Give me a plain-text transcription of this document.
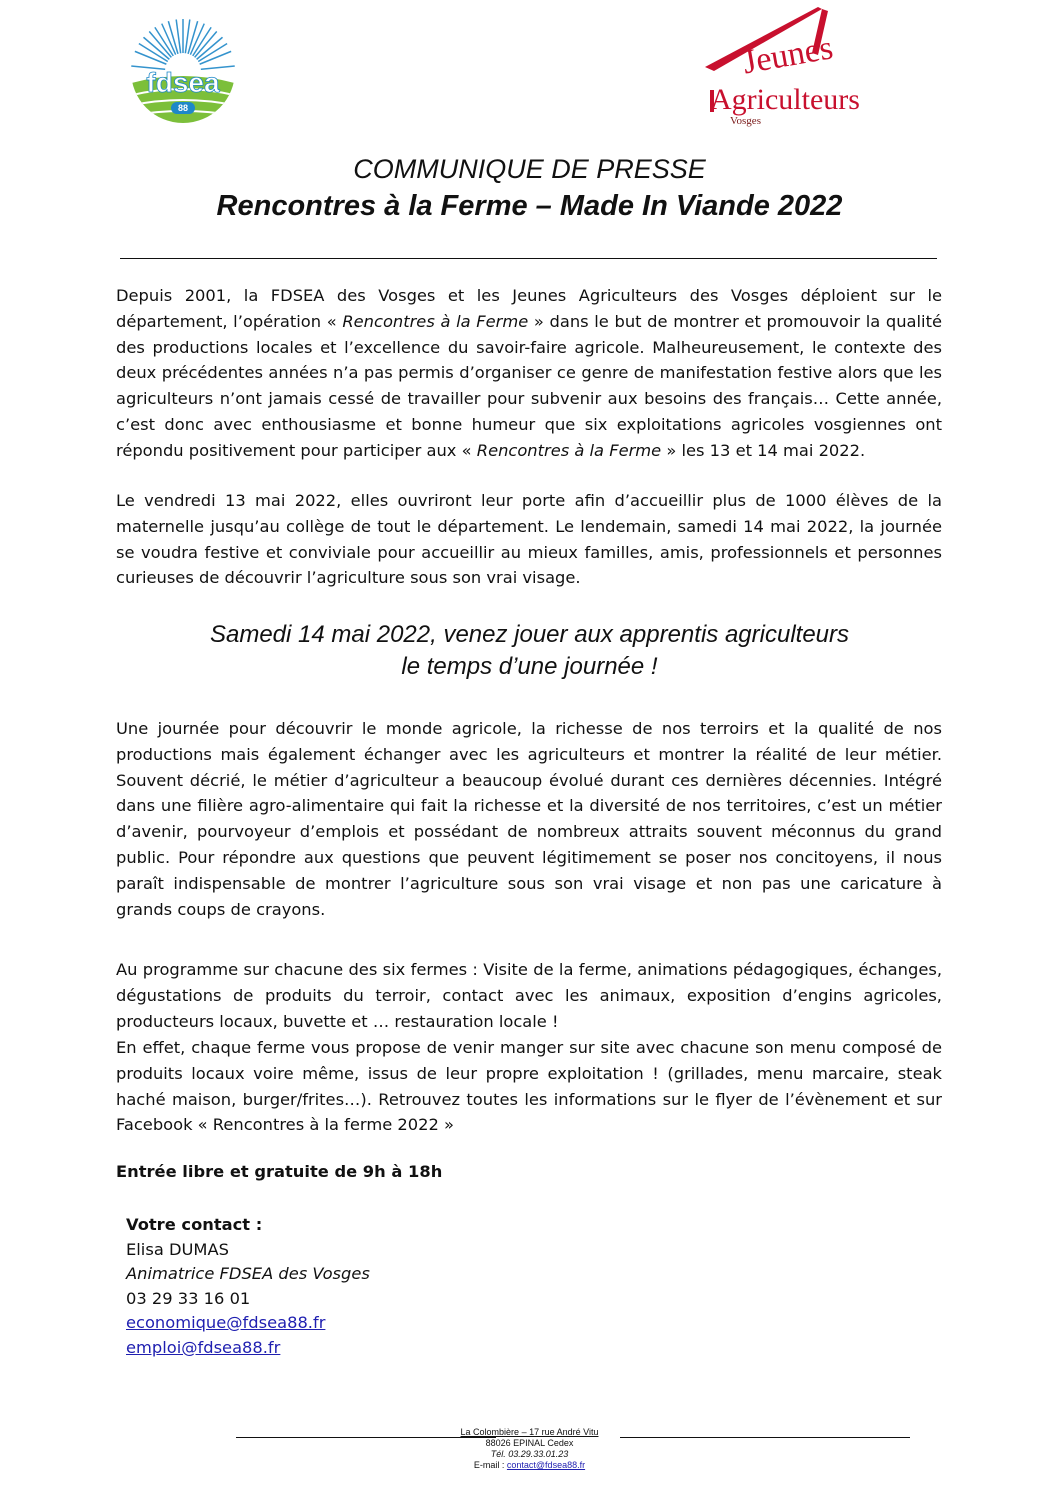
fdsea
88
Jeunes
Agriculteurs
Vosges
COMMUNIQUE DE PRESSE
Rencontres à la Ferme – Made In Viande 2022

Depuis 2001, la FDSEA des Vosges et les Jeunes Agriculteurs des Vosges déploient sur le département, l’opération « Rencontres à la Ferme » dans le but de montrer et promouvoir la qualité des productions locales et l’excellence du savoir-faire agricole. Malheureusement, le contexte des deux précédentes années n’a pas permis d’organiser ce genre de manifestation festive alors que les agriculteurs n’ont jamais cessé de travailler pour subvenir aux besoins des français… Cette année, c’est donc avec enthousiasme et bonne humeur que six exploitations agricoles vosgiennes ont répondu positivement pour participer aux « Rencontres à la Ferme » les 13 et 14 mai 2022.

Le vendredi 13 mai 2022, elles ouvriront leur porte afin d’accueillir plus de 1000 élèves de la maternelle jusqu’au collège de tout le département. Le lendemain, samedi 14 mai 2022, la journée se voudra festive et conviviale pour accueillir au mieux familles, amis, professionnels et personnes curieuses de découvrir l’agriculture sous son vrai visage.

Samedi 14 mai 2022, venez jouer aux apprentis agriculteurs
le temps d’une journée !

Une journée pour découvrir le monde agricole, la richesse de nos terroirs et la qualité de nos productions mais également échanger avec les agriculteurs et montrer la réalité de leur métier. Souvent décrié, le métier d’agriculteur a beaucoup évolué durant ces dernières décennies. Intégré dans une filière agro-alimentaire qui fait la richesse et la diversité de nos territoires, c’est un métier d’avenir, pourvoyeur d’emplois et possédant de nombreux attraits souvent méconnus du grand public. Pour répondre aux questions que peuvent légitimement se poser nos concitoyens, il nous paraît indispensable de montrer l’agriculture sous son vrai visage et non pas une caricature à grands coups de crayons.

Au programme sur chacune des six fermes : Visite de la ferme, animations pédagogiques, échanges, dégustations de produits du terroir, contact avec les animaux, exposition d’engins agricoles, producteurs locaux, buvette et … restauration locale !

En effet, chaque ferme vous propose de venir manger sur site avec chacune son menu composé de produits locaux voire même, issus de leur propre exploitation ! (grillades, menu marcaire, steak haché maison, burger/frites…). Retrouvez toutes les informations sur le flyer de l’évènement et sur Facebook « Rencontres à la ferme 2022 »

Entrée libre et gratuite de 9h à 18h
Votre contact :
Elisa DUMAS
Animatrice FDSEA des Vosges
03 29 33 16 01
economique@fdsea88.fr
emploi@fdsea88.fr
La Colombière – 17 rue André Vitu
88026 EPINAL Cedex
Tél. 03.29.33.01.23
E-mail : contact@fdsea88.fr
